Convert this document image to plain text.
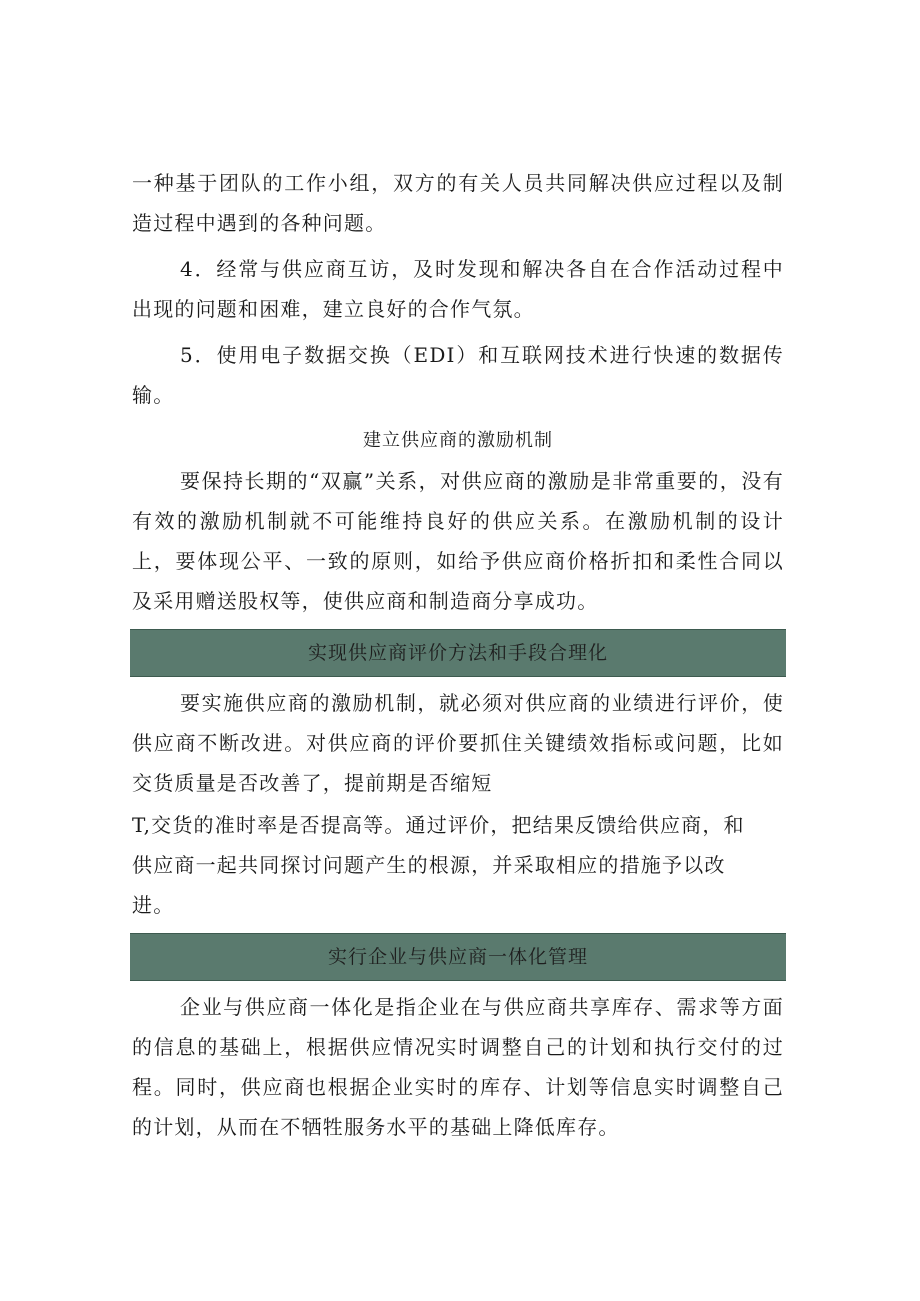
一种基于团队的工作小组，双方的有关人员共同解决供应过程以及制造过程中遇到的各种问题。

4．经常与供应商互访，及时发现和解决各自在合作活动过程中出现的问题和困难，建立良好的合作气氛。

5．使用电子数据交换（EDI）和互联网技术进行快速的数据传输。

建立供应商的激励机制

要保持长期的“双赢”关系，对供应商的激励是非常重要的，没有有效的激励机制就不可能维持良好的供应关系。在激励机制的设计上，要体现公平、一致的原则，如给予供应商价格折扣和柔性合同以及采用赠送股权等，使供应商和制造商分享成功。

实现供应商评价方法和手段合理化

要实施供应商的激励机制，就必须对供应商的业绩进行评价，使供应商不断改进。对供应商的评价要抓住关键绩效指标或问题，比如交货质量是否改善了，提前期是否缩短

T,交货的准时率是否提高等。通过评价，把结果反馈给供应商，和

供应商一起共同探讨问题产生的根源，并采取相应的措施予以改

进。

实行企业与供应商一体化管理

企业与供应商一体化是指企业在与供应商共享库存、需求等方面的信息的基础上，根据供应情况实时调整自己的计划和执行交付的过程。同时，供应商也根据企业实时的库存、计划等信息实时调整自己的计划，从而在不牺牲服务水平的基础上降低库存。
